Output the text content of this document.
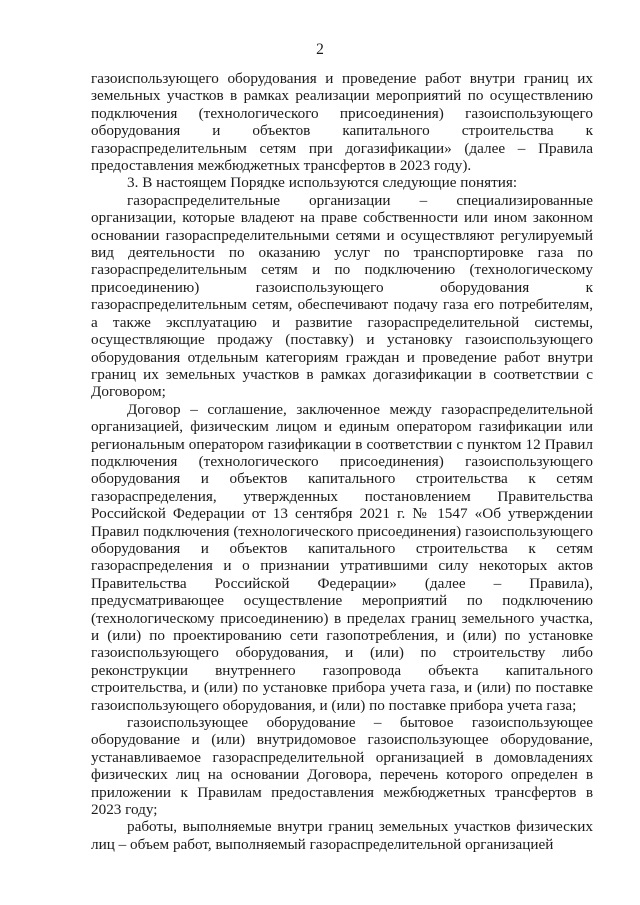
2

газоиспользующего оборудования и проведение работ внутри границ их земельных участков в рамках реализации мероприятий по осуществлению подключения (технологического присоединения) газоиспользующего оборудования и объектов капитального строительства к газораспределительным сетям при догазификации» (далее – Правила предоставления межбюджетных трансфертов в 2023 году).

3. В настоящем Порядке используются следующие понятия:

газораспределительные организации – специализированные организации, которые владеют на праве собственности или ином законном основании газораспределительными сетями и осуществляют регулируемый вид деятельности по оказанию услуг по транспортировке газа по газораспределительным сетям и по подключению (технологическому присоединению) газоиспользующего оборудования к газораспределительным сетям, обеспечивают подачу газа его потребителям, а также эксплуатацию и развитие газораспределительной системы, осуществляющие продажу (поставку) и установку газоиспользующего оборудования отдельным категориям граждан и проведение работ внутри границ их земельных участков в рамках догазификации в соответствии с Договором;

Договор – соглашение, заключенное между газораспределительной организацией, физическим лицом и единым оператором газификации или региональным оператором газификации в соответствии с пунктом 12 Правил подключения (технологического присоединения) газоиспользующего оборудования и объектов капитального строительства к сетям газораспределения, утвержденных постановлением Правительства Российской Федерации от 13 сентября 2021 г. № 1547 «Об утверждении Правил подключения (технологического присоединения) газоиспользующего оборудования и объектов капитального строительства к сетям газораспределения и о признании утратившими силу некоторых актов Правительства Российской Федерации» (далее – Правила), предусматривающее осуществление мероприятий по подключению (технологическому присоединению) в пределах границ земельного участка, и (или) по проектированию сети газопотребления, и (или) по установке газоиспользующего оборудования, и (или) по строительству либо реконструкции внутреннего газопровода объекта капитального строительства, и (или) по установке прибора учета газа, и (или) по поставке газоиспользующего оборудования, и (или) по поставке прибора учета газа;

газоиспользующее оборудование – бытовое газоиспользующее оборудование и (или) внутридомовое газоиспользующее оборудование, устанавливаемое газораспределительной организацией в домовладениях физических лиц на основании Договора, перечень которого определен в приложении к Правилам предоставления межбюджетных трансфертов в 2023 году;

работы, выполняемые внутри границ земельных участков физических лиц – объем работ, выполняемый газораспределительной организацией
